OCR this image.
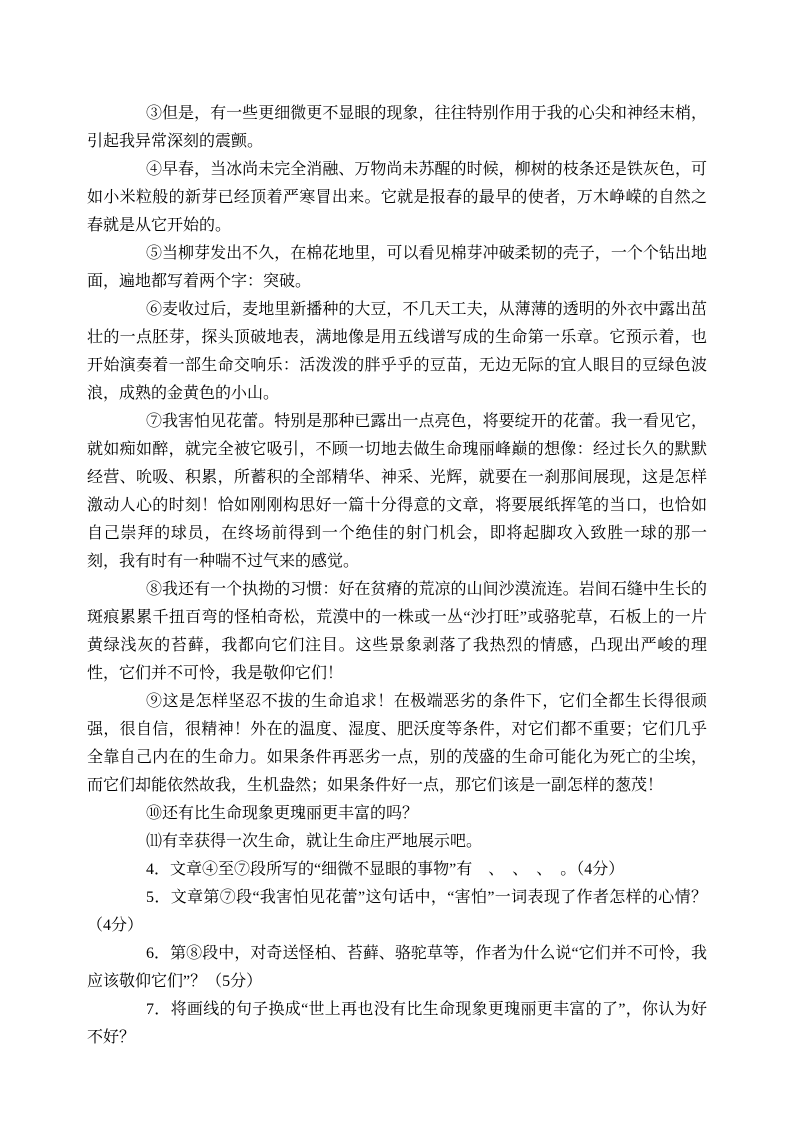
③但是，有一些更细微更不显眼的现象，往往特别作用于我的心尖和神经末梢，引起我异常深刻的震颤。

④早春，当冰尚未完全消融、万物尚未苏醒的时候，柳树的枝条还是铁灰色，可如小米粒般的新芽已经顶着严寒冒出来。它就是报春的最早的使者，万木峥嵘的自然之春就是从它开始的。

⑤当柳芽发出不久，在棉花地里，可以看见棉芽冲破柔韧的壳子，一个个钻出地面，遍地都写着两个字：突破。

⑥麦收过后，麦地里新播种的大豆，不几天工夫，从薄薄的透明的外衣中露出茁壮的一点胚芽，探头顶破地表，满地像是用五线谱写成的生命第一乐章。它预示着，也开始演奏着一部生命交响乐：活泼泼的胖乎乎的豆苗，无边无际的宜人眼目的豆绿色波浪，成熟的金黄色的小山。

⑦我害怕见花蕾。特别是那种已露出一点亮色，将要绽开的花蕾。我一看见它，就如痴如醉，就完全被它吸引，不顾一切地去做生命瑰丽峰巅的想像：经过长久的默默经营、吮吸、积累，所蓄积的全部精华、神采、光辉，就要在一刹那间展现，这是怎样激动人心的时刻！恰如刚刚构思好一篇十分得意的文章，将要展纸挥笔的当口，也恰如自己崇拜的球员，在终场前得到一个绝佳的射门机会，即将起脚攻入致胜一球的那一刻，我有时有一种喘不过气来的感觉。

⑧我还有一个执拗的习惯：好在贫瘠的荒凉的山间沙漠流连。岩间石缝中生长的斑痕累累千扭百弯的怪柏奇松，荒漠中的一株或一丛“沙打旺”或骆驼草，石板上的一片黄绿浅灰的苔藓，我都向它们注目。这些景象剥落了我热烈的情感，凸现出严峻的理性，它们并不可怜，我是敬仰它们！

⑨这是怎样坚忍不拔的生命追求！在极端恶劣的条件下，它们全都生长得很顽强，很自信，很精神！外在的温度、湿度、肥沃度等条件，对它们都不重要；它们几乎全靠自己内在的生命力。如果条件再恶劣一点，别的茂盛的生命可能化为死亡的尘埃，而它们却能依然故我，生机盎然；如果条件好一点，那它们该是一副怎样的葱茂！

⑩还有比生命现象更瑰丽更丰富的吗？

⑾有幸获得一次生命，就让生命庄严地展示吧。

4．文章④至⑦段所写的“细微不显眼的事物”有　、　、　、　。（4分）

5．文章第⑦段“我害怕见花蕾”这句话中，“害怕”一词表现了作者怎样的心情？（4分）

6．第⑧段中，对奇送怪柏、苔藓、骆驼草等，作者为什么说“它们并不可怜，我应该敬仰它们”？（5分）

7．将画线的句子换成“世上再也没有比生命现象更瑰丽更丰富的了”，你认为好不好？
